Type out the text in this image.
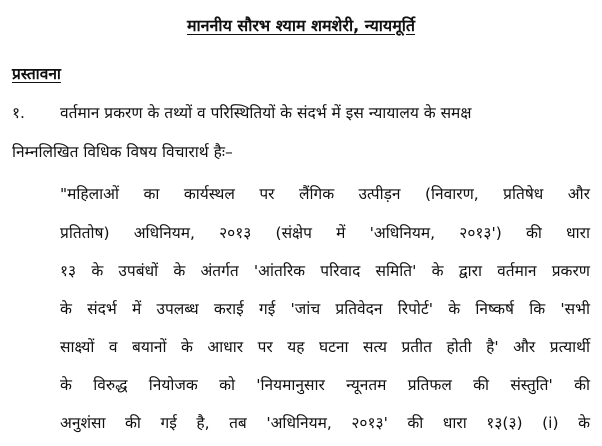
माननीय सौरभ श्याम शमशेरी, न्यायमूर्ति
प्रस्तावना
१. वर्तमान प्रकरण के तथ्यों व परिस्थितियों के संदर्भ में इस न्यायालय के समक्ष
निम्नलिखित विधिक विषय विचारार्थ हैः–
"महिलाओं का कार्यस्थल पर लैंगिक उत्पीड़न (निवारण, प्रतिषेध और
प्रतितोष) अधिनियम, २०१३ (संक्षेप में 'अधिनियम, २०१३') की धारा
१३ के उपबंधों के अंतर्गत 'आंतरिक परिवाद समिति' के द्वारा वर्तमान प्रकरण
के संदर्भ में उपलब्ध कराई गई 'जांच प्रतिवेदन रिपोर्ट' के निष्कर्ष कि 'सभी
साक्ष्यों व बयानों के आधार पर यह घटना सत्य प्रतीत होती है' और प्रत्यार्थी
के विरुद्ध नियोजक को 'नियमानुसार न्यूनतम प्रतिफल की संस्तुति' की
अनुशंसा की गई है, तब 'अधिनियम, २०१३' की धारा १३(३) (i) के
